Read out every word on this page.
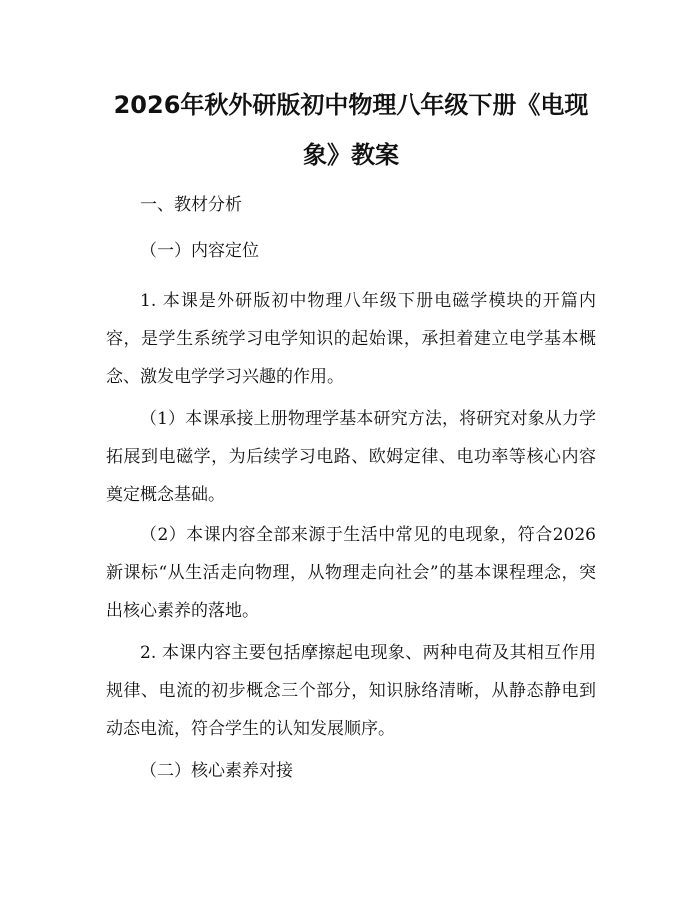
2026年秋外研版初中物理八年级下册《电现象》教案

一、教材分析

（一）内容定位

1. 本课是外研版初中物理八年级下册电磁学模块的开篇内容，是学生系统学习电学知识的起始课，承担着建立电学基本概念、激发电学学习兴趣的作用。

（1）本课承接上册物理学基本研究方法，将研究对象从力学拓展到电磁学，为后续学习电路、欧姆定律、电功率等核心内容奠定概念基础。

（2）本课内容全部来源于生活中常见的电现象，符合2026新课标“从生活走向物理，从物理走向社会”的基本课程理念，突出核心素养的落地。

2. 本课内容主要包括摩擦起电现象、两种电荷及其相互作用规律、电流的初步概念三个部分，知识脉络清晰，从静态静电到动态电流，符合学生的认知发展顺序。

（二）核心素养对接
